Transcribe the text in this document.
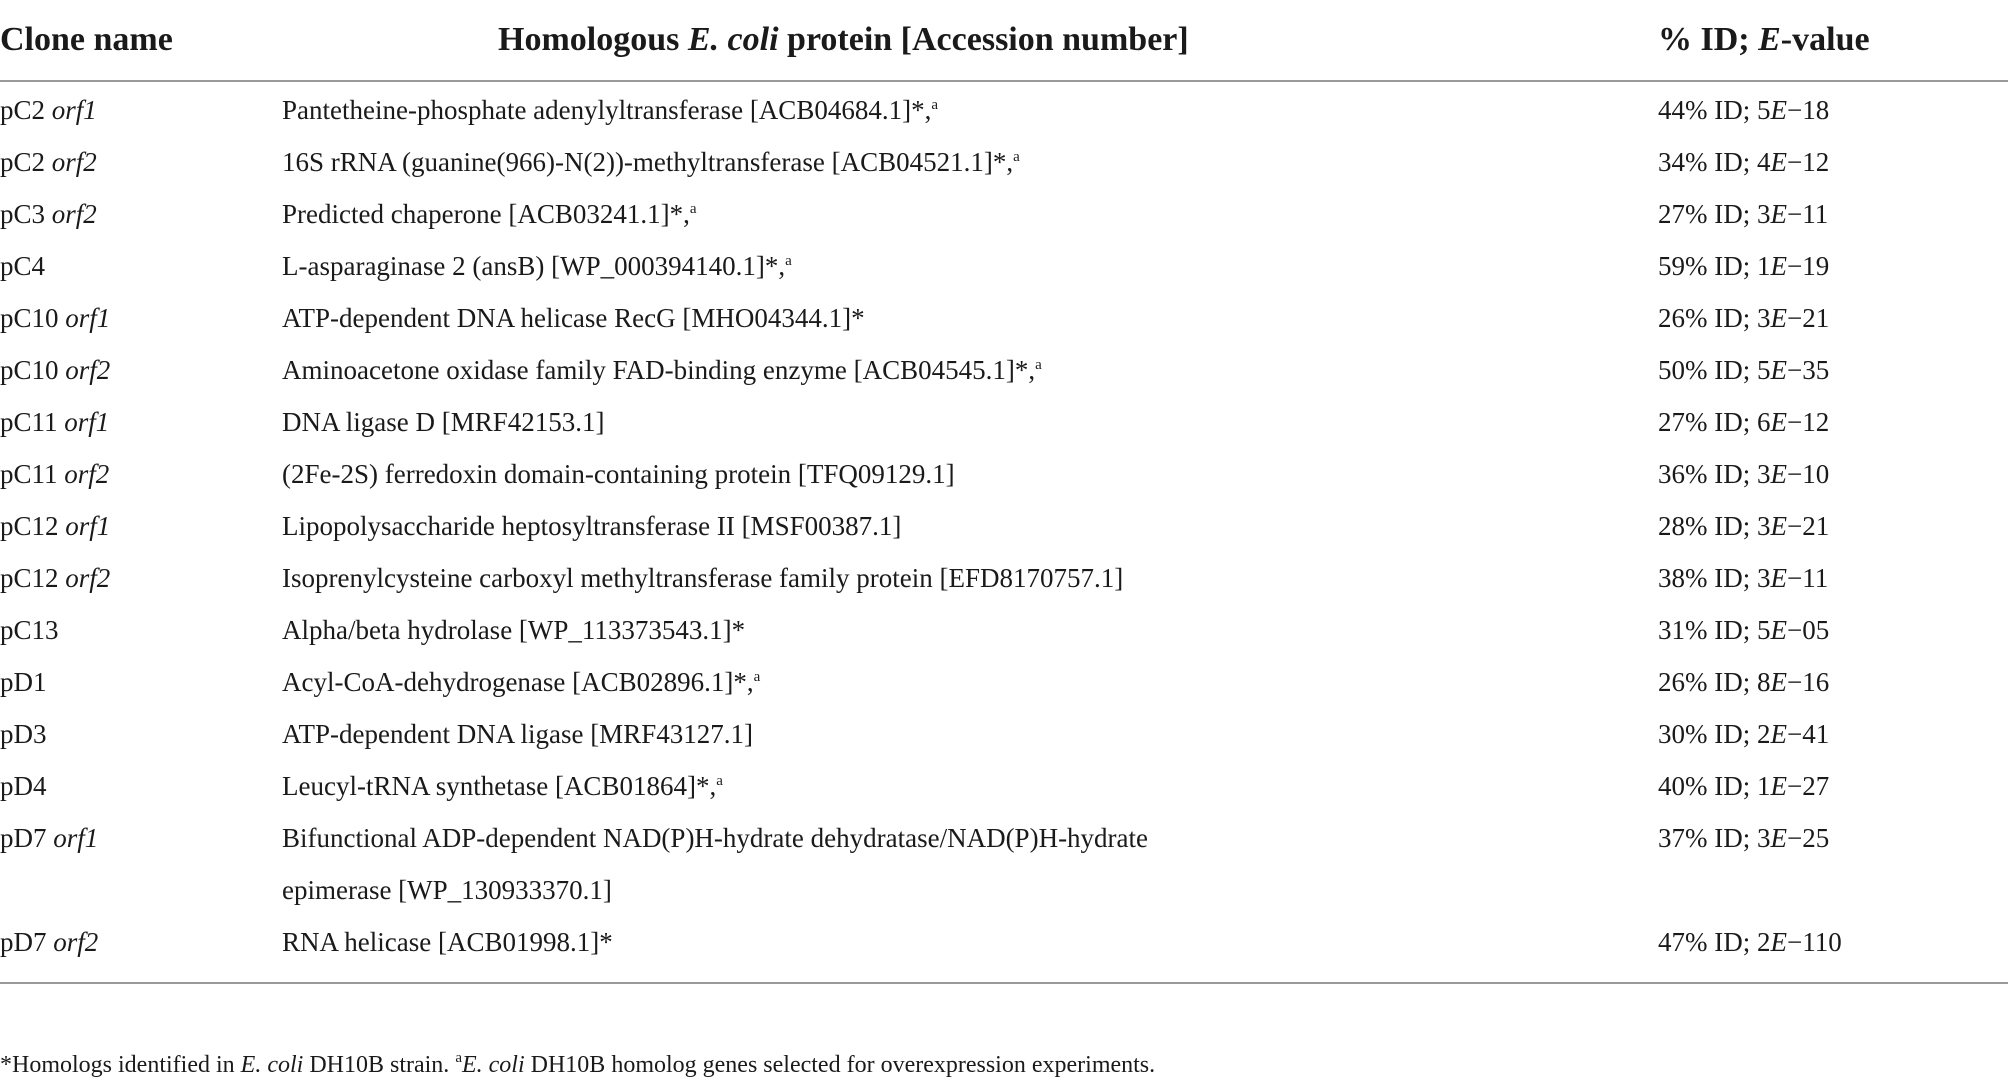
Clone name	Homologous E. coli protein [Accession number]	% ID; E-value
pC2 orf1	Pantetheine-phosphate adenylyltransferase [ACB04684.1]*,$^a$	44% ID; 5E−18
pC2 orf2	16S rRNA (guanine(966)-N(2))-methyltransferase [ACB04521.1]*,$^a$	34% ID; 4E−12
pC3 orf2	Predicted chaperone [ACB03241.1]*,$^a$	27% ID; 3E−11
pC4	L-asparaginase 2 (ansB) [WP_000394140.1]*,$^a$	59% ID; 1E−19
pC10 orf1	ATP-dependent DNA helicase RecG [MHO04344.1]*	26% ID; 3E−21
pC10 orf2	Aminoacetone oxidase family FAD-binding enzyme [ACB04545.1]*,$^a$	50% ID; 5E−35
pC11 orf1	DNA ligase D [MRF42153.1]	27% ID; 6E−12
pC11 orf2	(2Fe-2S) ferredoxin domain-containing protein [TFQ09129.1]	36% ID; 3E−10
pC12 orf1	Lipopolysaccharide heptosyltransferase II [MSF00387.1]	28% ID; 3E−21
pC12 orf2	Isoprenylcysteine carboxyl methyltransferase family protein [EFD8170757.1]	38% ID; 3E−11
pC13	Alpha/beta hydrolase [WP_113373543.1]*	31% ID; 5E−05
pD1	Acyl-CoA-dehydrogenase [ACB02896.1]*,$^a$	26% ID; 8E−16
pD3	ATP-dependent DNA ligase [MRF43127.1]	30% ID; 2E−41
pD4	Leucyl-tRNA synthetase [ACB01864]*,$^a$	40% ID; 1E−27
pD7 orf1	Bifunctional ADP-dependent NAD(P)H-hydrate dehydratase/NAD(P)H-hydrate
epimerase [WP_130933370.1]	37% ID; 3E−25
pD7 orf2	RNA helicase [ACB01998.1]*	47% ID; 2E−110
*Homologs identified in E. coli DH10B strain. $^a$E. coli DH10B homolog genes selected for overexpression experiments.
